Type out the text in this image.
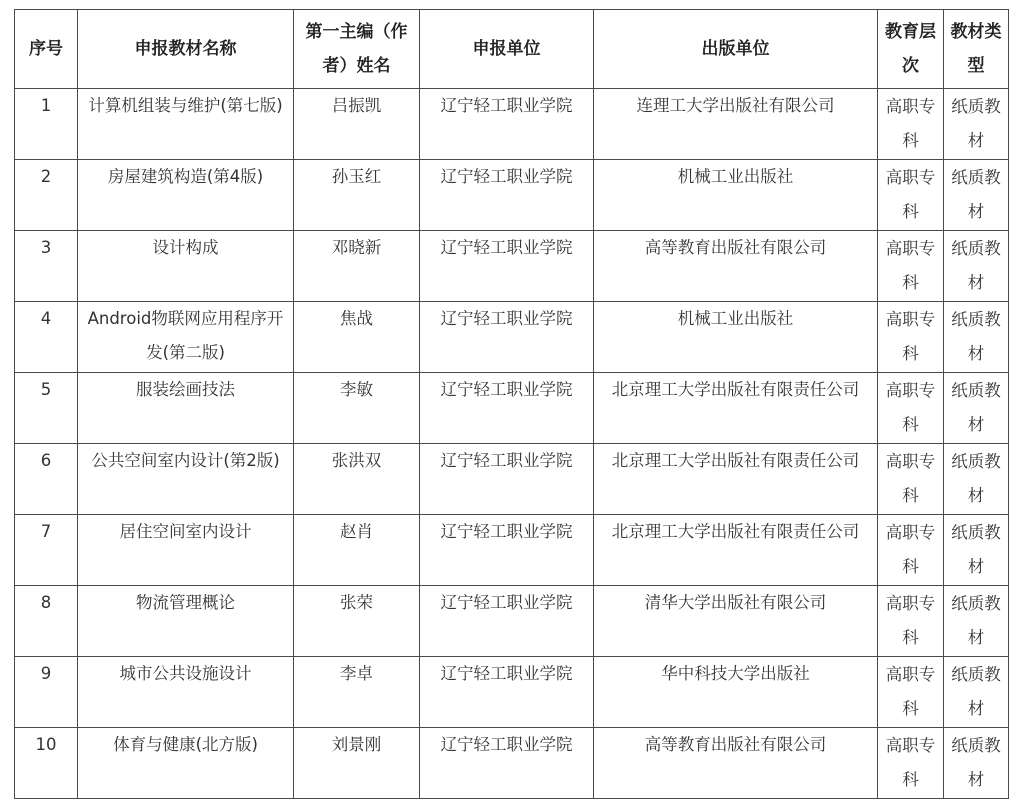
序号	申报教材名称	第一主编（作者）姓名	申报单位	出版单位	教育层次	教材类型
1	计算机组装与维护(第七版)	吕振凯	辽宁轻工职业学院	连理工大学出版社有限公司	高职专科	纸质教材
2	房屋建筑构造(第4版)	孙玉红	辽宁轻工职业学院	机械工业出版社	高职专科	纸质教材
3	设计构成	邓晓新	辽宁轻工职业学院	高等教育出版社有限公司	高职专科	纸质教材
4	Android物联网应用程序开发(第二版)	焦战	辽宁轻工职业学院	机械工业出版社	高职专科	纸质教材
5	服装绘画技法	李敏	辽宁轻工职业学院	北京理工大学出版社有限责任公司	高职专科	纸质教材
6	公共空间室内设计(第2版)	张洪双	辽宁轻工职业学院	北京理工大学出版社有限责任公司	高职专科	纸质教材
7	居住空间室内设计	赵肖	辽宁轻工职业学院	北京理工大学出版社有限责任公司	高职专科	纸质教材
8	物流管理概论	张荣	辽宁轻工职业学院	清华大学出版社有限公司	高职专科	纸质教材
9	城市公共设施设计	李卓	辽宁轻工职业学院	华中科技大学出版社	高职专科	纸质教材
10	体育与健康(北方版)	刘景刚	辽宁轻工职业学院	高等教育出版社有限公司	高职专科	纸质教材
